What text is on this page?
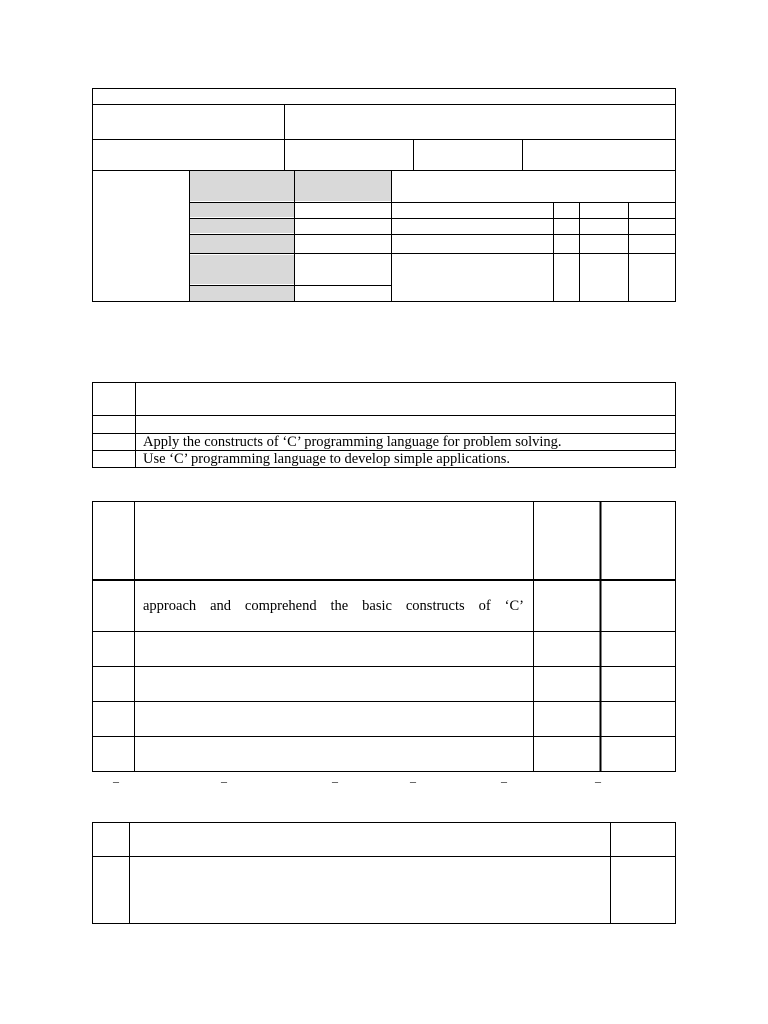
Apply the constructs of ‘C’ programming language for problem solving.
Use ‘C’ programming language to develop simple applications.
approach and comprehend the basic constructs of ‘C’
–	–	–	–	–	–
